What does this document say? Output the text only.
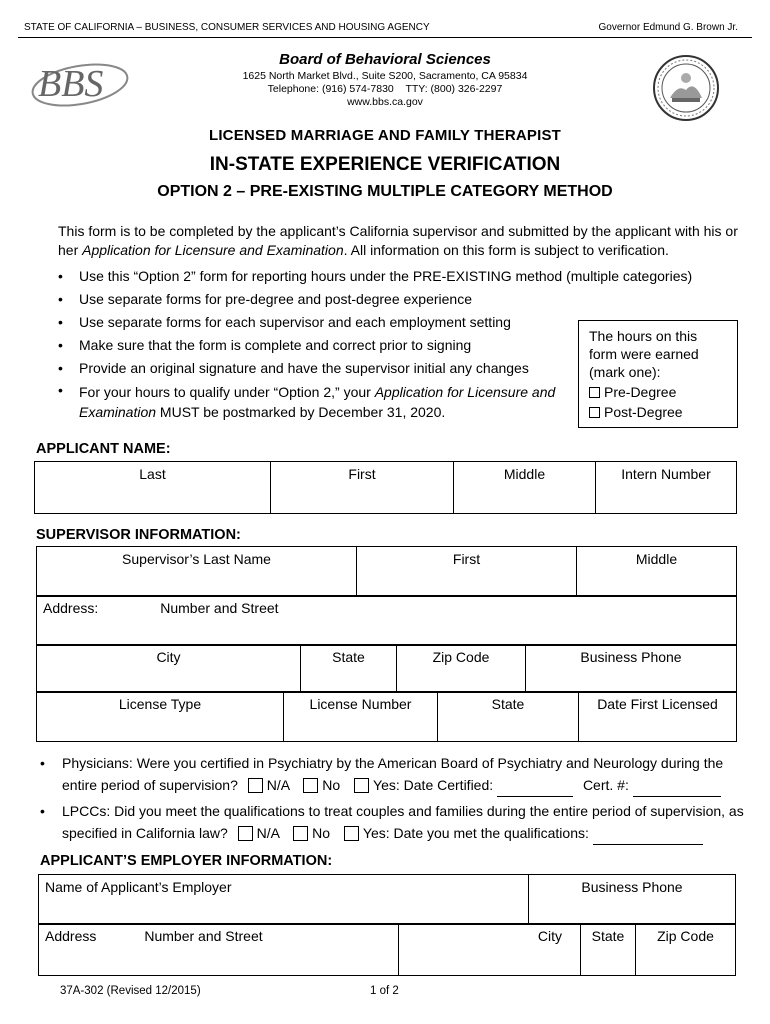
STATE OF CALIFORNIA – BUSINESS, CONSUMER SERVICES AND HOUSING AGENCY	Governor Edmund G. Brown Jr.
BBS
Board of Behavioral Sciences
1625 North Market Blvd., Suite S200, Sacramento, CA 95834
Telephone: (916) 574-7830 TTY: (800) 326-2297
www.bbs.ca.gov
LICENSED MARRIAGE AND FAMILY THERAPIST
IN-STATE EXPERIENCE VERIFICATION
OPTION 2 – PRE-EXISTING MULTIPLE CATEGORY METHOD
This form is to be completed by the applicant’s California supervisor and submitted by the applicant with his or her Application for Licensure and Examination. All information on this form is subject to verification.
• Use this “Option 2” form for reporting hours under the PRE-EXISTING method (multiple categories)
• Use separate forms for pre-degree and post-degree experience
• Use separate forms for each supervisor and each employment setting
• Make sure that the form is complete and correct prior to signing
• Provide an original signature and have the supervisor initial any changes
• For your hours to qualify under “Option 2,” your Application for Licensure and
Examination MUST be postmarked by December 31, 2020.
The hours on this
form were earned
(mark one):
Pre-Degree
Post-Degree
APPLICANT NAME:
Last	First	Middle	Intern Number
SUPERVISOR INFORMATION:
Supervisor’s Last Name	First	Middle
Address:	Number and Street
City	State	Zip Code	Business Phone
License Type	License Number	State	Date First Licensed
• Physicians: Were you certified in Psychiatry by the American Board of Psychiatry and Neurology during the
entire period of supervision? N/A No Yes: Date Certified:	Cert. #:
• LPCCs: Did you meet the qualifications to treat couples and families during the entire period of supervision, as
specified in California law? N/A No Yes: Date you met the qualifications:
APPLICANT’S EMPLOYER INFORMATION:
Name of Applicant’s Employer	Business Phone
Address	Number and Street	City	State	Zip Code
37A-302 (Revised 12/2015)	1 of 2
